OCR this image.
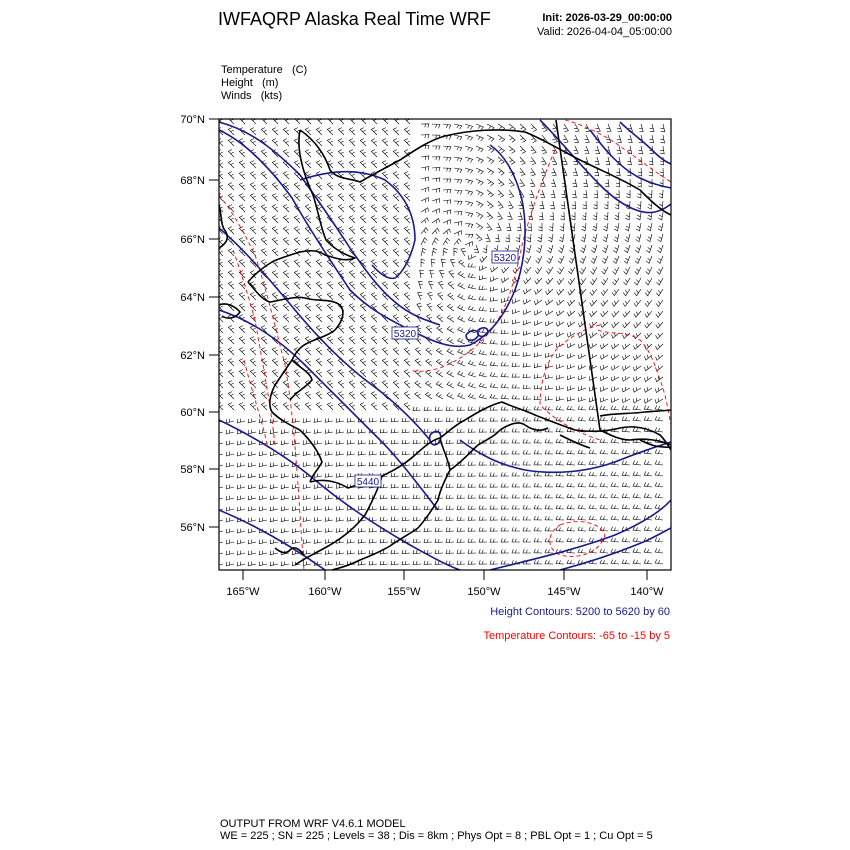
IWFAQRP Alaska Real Time WRF	Init: 2026-03-29_00:00:00
Valid: 2026-04-04_05:00:00
Temperature (C)
Height (m)
Winds (kts)
70°N
68°N
66°N
64°N
62°N
60°N
58°N
56°N
165°W	160°W	155°W	150°W	145°W	140°W
5320
5320
5440
Height Contours: 5200 to 5620 by 60
Temperature Contours: -65 to -15 by 5
OUTPUT FROM WRF V4.6.1 MODEL
WE = 225 ; SN = 225 ; Levels = 38 ; Dis = 8km ; Phys Opt = 8 ; PBL Opt = 1 ; Cu Opt = 5
